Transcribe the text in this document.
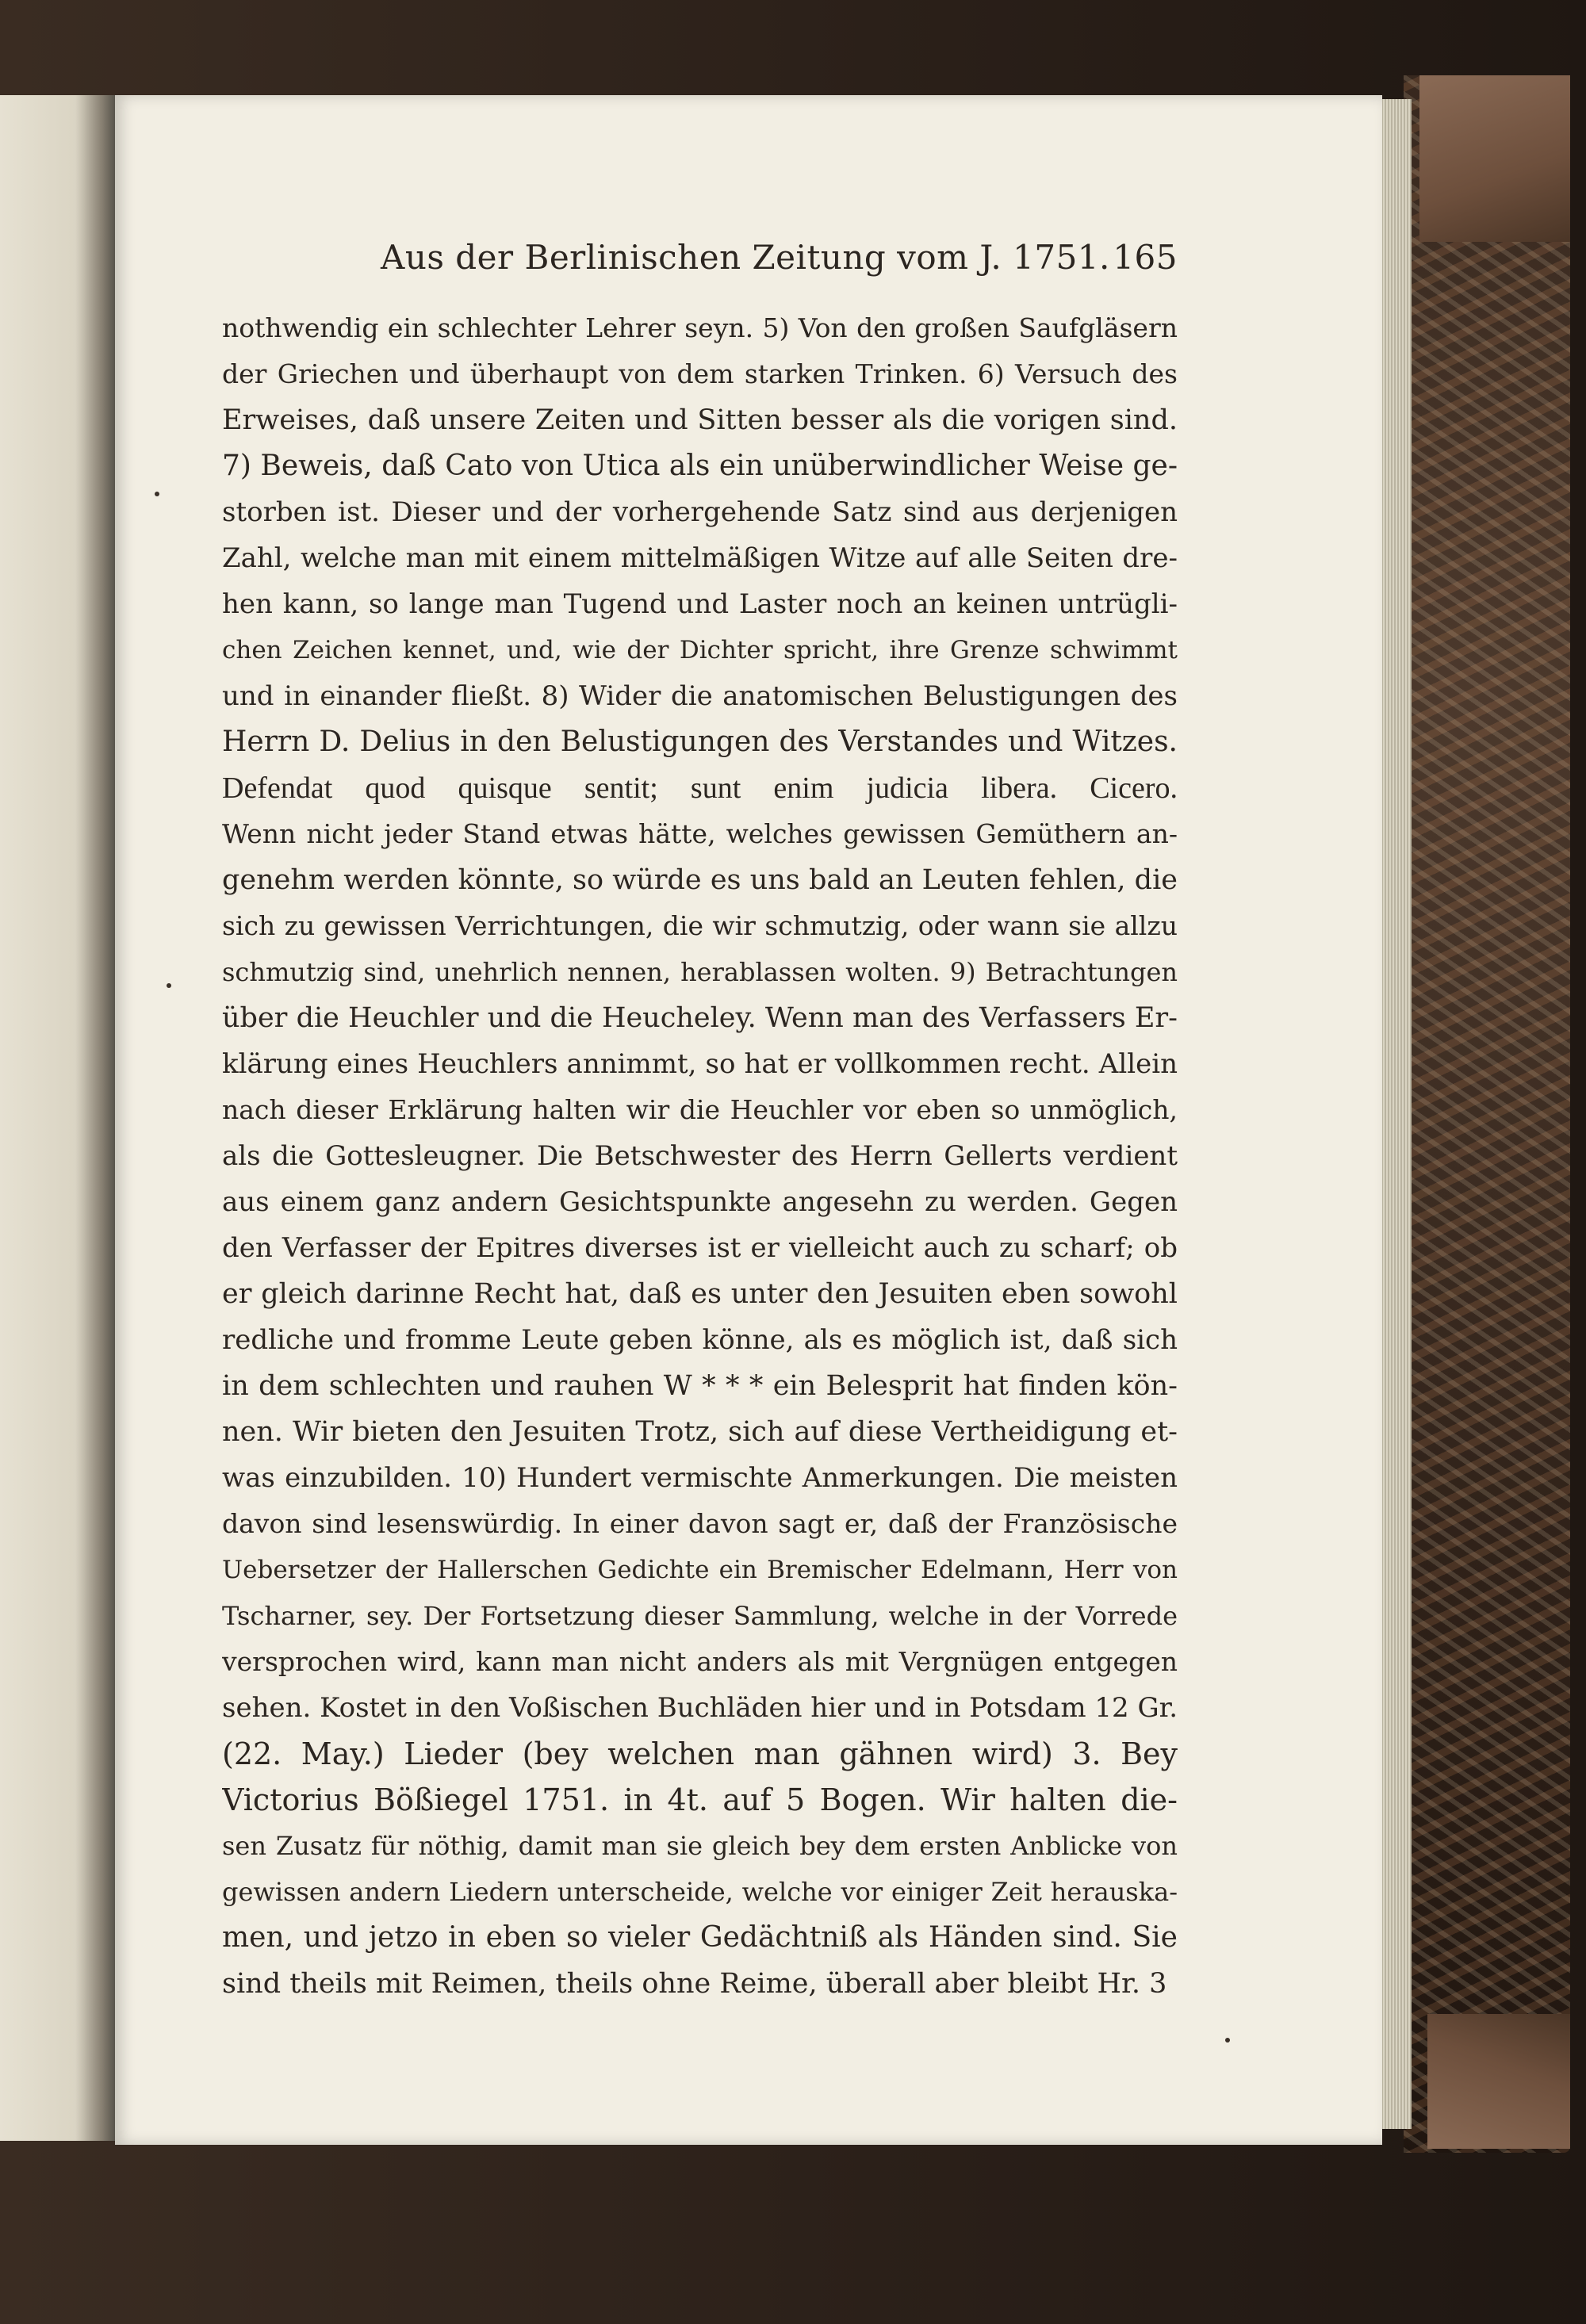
Aus der Berlinischen Zeitung vom J. 1751. 165
nothwendig ein schlechter Lehrer seyn. 5) Von den großen Saufgläsern
der Griechen und überhaupt von dem starken Trinken. 6) Versuch des
Erweises, daß unsere Zeiten und Sitten besser als die vorigen sind.
7) Beweis, daß Cato von Utica als ein unüberwindlicher Weise ge-
storben ist. Dieser und der vorhergehende Satz sind aus derjenigen
Zahl, welche man mit einem mittelmäßigen Witze auf alle Seiten dre-
hen kann, so lange man Tugend und Laster noch an keinen untrügli-
chen Zeichen kennet, und, wie der Dichter spricht, ihre Grenze schwimmt
und in einander fließt. 8) Wider die anatomischen Belustigungen des
Herrn D. Delius in den Belustigungen des Verstandes und Witzes.
Defendat quod quisque sentit; sunt enim judicia libera. Cicero.
Wenn nicht jeder Stand etwas hätte, welches gewissen Gemüthern an-
genehm werden könnte, so würde es uns bald an Leuten fehlen, die
sich zu gewissen Verrichtungen, die wir schmutzig, oder wann sie allzu
schmutzig sind, unehrlich nennen, herablassen wolten. 9) Betrachtungen
über die Heuchler und die Heucheley. Wenn man des Verfassers Er-
klärung eines Heuchlers annimmt, so hat er vollkommen recht. Allein
nach dieser Erklärung halten wir die Heuchler vor eben so unmöglich,
als die Gottesleugner. Die Betschwester des Herrn Gellerts verdient
aus einem ganz andern Gesichtspunkte angesehn zu werden. Gegen
den Verfasser der Epitres diverses ist er vielleicht auch zu scharf; ob
er gleich darinne Recht hat, daß es unter den Jesuiten eben sowohl
redliche und fromme Leute geben könne, als es möglich ist, daß sich
in dem schlechten und rauhen W * * * ein Belesprit hat finden kön-
nen. Wir bieten den Jesuiten Trotz, sich auf diese Vertheidigung et-
was einzubilden. 10) Hundert vermischte Anmerkungen. Die meisten
davon sind lesenswürdig. In einer davon sagt er, daß der Französische
Uebersetzer der Hallerschen Gedichte ein Bremischer Edelmann, Herr von
Tscharner, sey. Der Fortsetzung dieser Sammlung, welche in der Vorrede
versprochen wird, kann man nicht anders als mit Vergnügen entgegen
sehen. Kostet in den Voßischen Buchläden hier und in Potsdam 12 Gr.
(22. May.) Lieder (bey welchen man gähnen wird) 3. Bey
Victorius Bößiegel 1751. in 4t. auf 5 Bogen. Wir halten die-
sen Zusatz für nöthig, damit man sie gleich bey dem ersten Anblicke von
gewissen andern Liedern unterscheide, welche vor einiger Zeit herauska-
men, und jetzo in eben so vieler Gedächtniß als Händen sind. Sie
sind theils mit Reimen, theils ohne Reime, überall aber bleibt Hr. 3
